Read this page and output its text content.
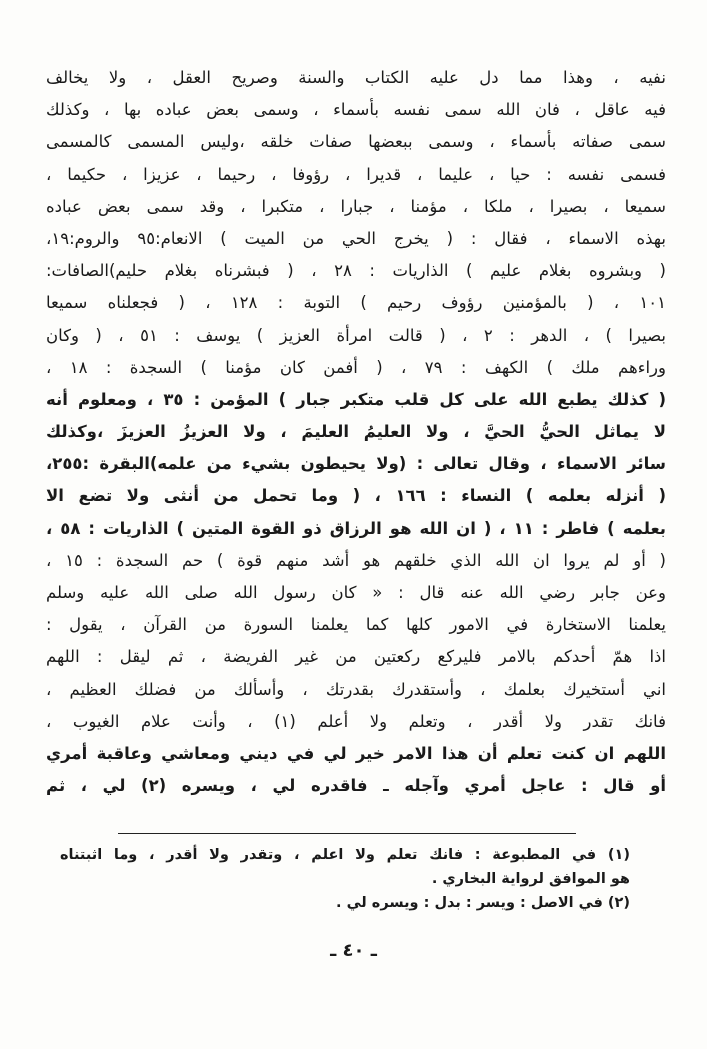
نفيه ، وهذا مما دل عليه الكتاب والسنة وصريح العقل ، ولا يخالف
فيه عاقل ، فان الله سمى نفسه بأسماء ، وسمى بعض عباده بها ، وكذلك
سمى صفاته بأسماء ، وسمى ببعضها صفات خلقه ،وليس المسمى كالمسمى
فسمى نفسه : حيا ، عليما ، قديرا ، رؤوفا ، رحيما ، عزيزا ، حكيما ،
سميعا ، بصيرا ، ملكا ، مؤمنا ، جبارا ، متكبرا ، وقد سمى بعض عباده
بهذه الاسماء ، فقال : ( يخرج الحي من الميت ) الانعام:٩٥ والروم:١٩،
( وبشروه بغلام عليم ) الذاريات : ٢٨ ، ( فبشرناه بغلام حليم)الصافات:
١٠١ ، ( بالمؤمنين رؤوف رحيم ) التوبة : ١٢٨ ، ( فجعلناه سميعا
بصيرا ) ، الدهر : ٢ ، ( قالت امرأة العزيز ) يوسف : ٥١ ، ( وكان
وراءهم ملك ) الكهف : ٧٩ ، ( أفمن كان مؤمنا ) السجدة : ١٨ ،
( كذلك يطبع الله على كل قلب متكبر جبار ) المؤمن : ٣٥ ، ومعلوم أنه
لا يماثل الحيُّ الحيَّ ، ولا العليمُ العليمَ ، ولا العزيزُ العزيزَ ،وكذلك
سائر الاسماء ، وقال تعالى : (ولا يحيطون بشيء من علمه)البقرة :٢٥٥،
( أنزله بعلمه ) النساء : ١٦٦ ، ( وما تحمل من أنثى ولا تضع الا
بعلمه ) فاطر : ١١ ، ( ان الله هو الرزاق ذو القوة المتين ) الذاريات : ٥٨ ،
( أو لم يروا ان الله الذي خلقهم هو أشد منهم قوة ) حم السجدة : ١٥ ،
وعن جابر رضي الله عنه قال : « كان رسول الله صلى الله عليه وسلم
يعلمنا الاستخارة في الامور كلها كما يعلمنا السورة من القرآن ، يقول :
اذا همّ أحدكم بالامر فليركع ركعتين من غير الفريضة ، ثم ليقل : اللهم
اني أستخيرك بعلمك ، وأستقدرك بقدرتك ، وأسألك من فضلك العظيم ،
فانك تقدر ولا أقدر ، وتعلم ولا أعلم (١) ، وأنت علام الغيوب ،
اللهم ان كنت تعلم أن هذا الامر خير لي في ديني ومعاشي وعاقبة أمري
أو قال : عاجل أمري وآجله ـ فاقدره لي ، ويسره (٢) لي ، ثم
(١) في المطبوعة : فانك تعلم ولا اعلم ، وتقدر ولا أقدر ، وما اثبتناه
هو الموافق لرواية البخاري .
(٢) في الاصل : ويسر : بدل : ويسره لي .
ـ ٤٠ ـ
